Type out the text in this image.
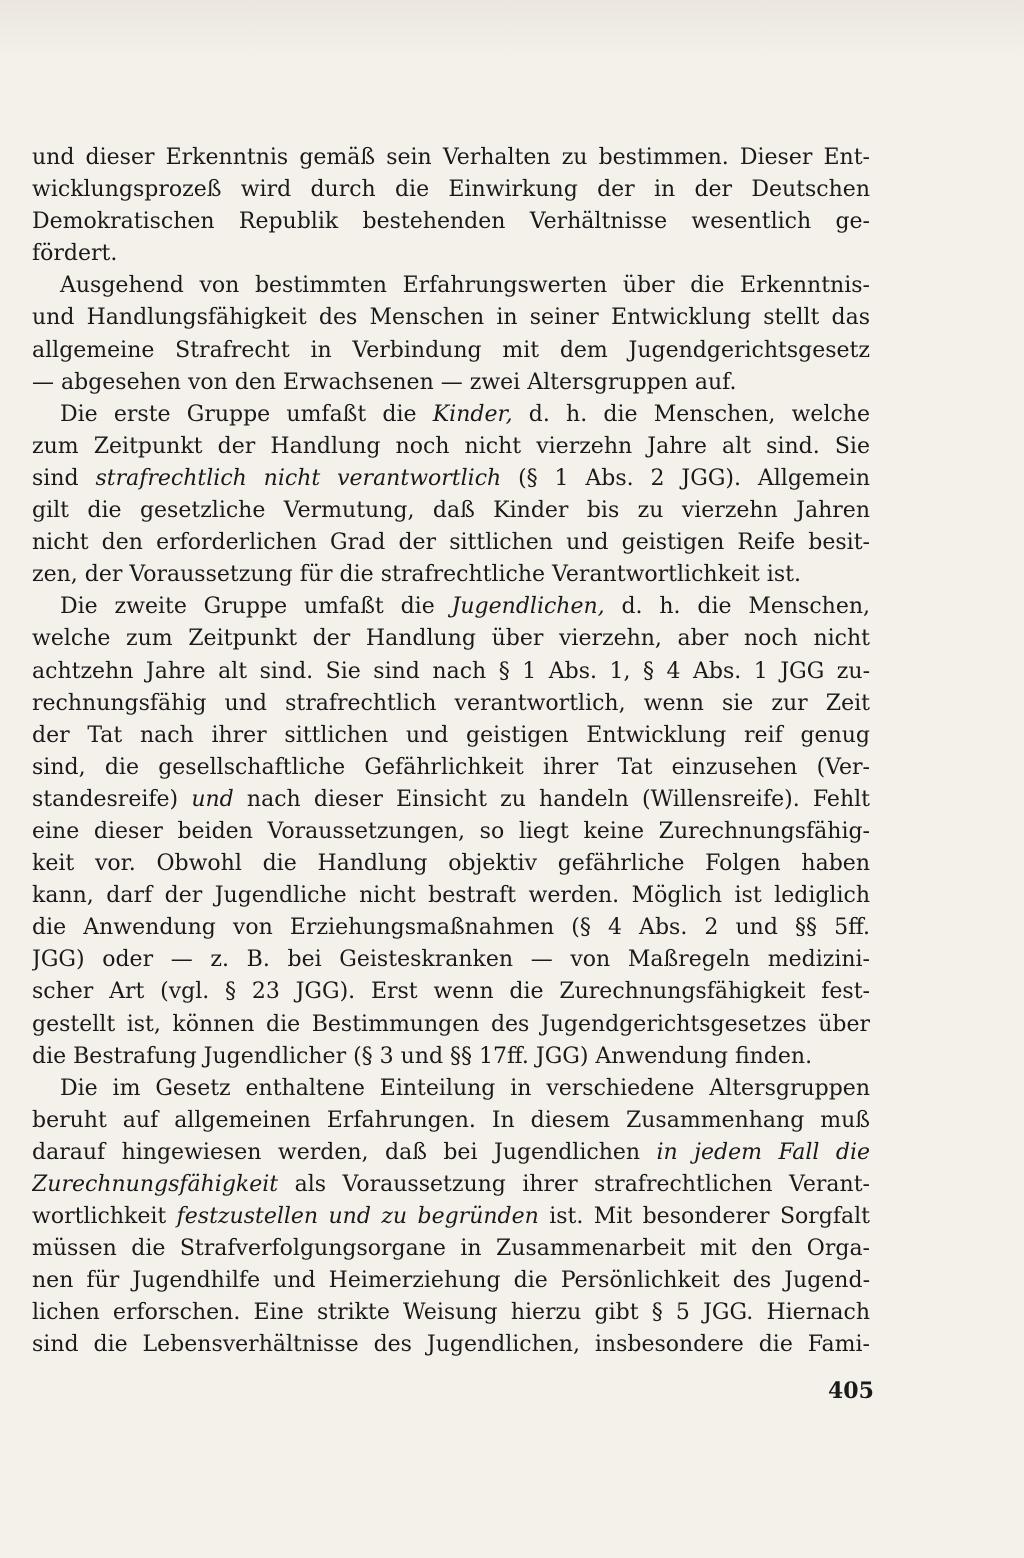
und dieser Erkenntnis gemäß sein Verhalten zu bestimmen. Dieser Ent-
wicklungsprozeß wird durch die Einwirkung der in der Deutschen
Demokratischen Republik bestehenden Verhältnisse wesentlich ge-
fördert.
Ausgehend von bestimmten Erfahrungswerten über die Erkenntnis-
und Handlungsfähigkeit des Menschen in seiner Entwicklung stellt das
allgemeine Strafrecht in Verbindung mit dem Jugendgerichtsgesetz
— abgesehen von den Erwachsenen — zwei Altersgruppen auf.
Die erste Gruppe umfaßt die Kinder, d. h. die Menschen, welche
zum Zeitpunkt der Handlung noch nicht vierzehn Jahre alt sind. Sie
sind strafrechtlich nicht verantwortlich (§ 1 Abs. 2 JGG). Allgemein
gilt die gesetzliche Vermutung, daß Kinder bis zu vierzehn Jahren
nicht den erforderlichen Grad der sittlichen und geistigen Reife besit-
zen, der Voraussetzung für die strafrechtliche Verantwortlichkeit ist.
Die zweite Gruppe umfaßt die Jugendlichen, d. h. die Menschen,
welche zum Zeitpunkt der Handlung über vierzehn, aber noch nicht
achtzehn Jahre alt sind. Sie sind nach § 1 Abs. 1, § 4 Abs. 1 JGG zu-
rechnungsfähig und strafrechtlich verantwortlich, wenn sie zur Zeit
der Tat nach ihrer sittlichen und geistigen Entwicklung reif genug
sind, die gesellschaftliche Gefährlichkeit ihrer Tat einzusehen (Ver-
standesreife) und nach dieser Einsicht zu handeln (Willensreife). Fehlt
eine dieser beiden Voraussetzungen, so liegt keine Zurechnungsfähig-
keit vor. Obwohl die Handlung objektiv gefährliche Folgen haben
kann, darf der Jugendliche nicht bestraft werden. Möglich ist lediglich
die Anwendung von Erziehungsmaßnahmen (§ 4 Abs. 2 und §§ 5ff.
JGG) oder — z. B. bei Geisteskranken — von Maßregeln medizini-
scher Art (vgl. § 23 JGG). Erst wenn die Zurechnungsfähigkeit fest-
gestellt ist, können die Bestimmungen des Jugendgerichtsgesetzes über
die Bestrafung Jugendlicher (§ 3 und §§ 17ff. JGG) Anwendung finden.
Die im Gesetz enthaltene Einteilung in verschiedene Altersgruppen
beruht auf allgemeinen Erfahrungen. In diesem Zusammenhang muß
darauf hingewiesen werden, daß bei Jugendlichen in jedem Fall die
Zurechnungsfähigkeit als Voraussetzung ihrer strafrechtlichen Verant-
wortlichkeit festzustellen und zu begründen ist. Mit besonderer Sorgfalt
müssen die Strafverfolgungsorgane in Zusammenarbeit mit den Orga-
nen für Jugendhilfe und Heimerziehung die Persönlichkeit des Jugend-
lichen erforschen. Eine strikte Weisung hierzu gibt § 5 JGG. Hiernach
sind die Lebensverhältnisse des Jugendlichen, insbesondere die Fami-
405
